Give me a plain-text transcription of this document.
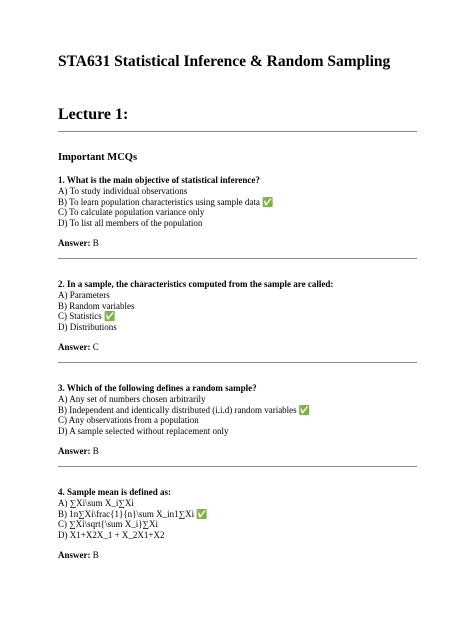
STA631 Statistical Inference & Random Sampling
Lecture 1:
Important MCQs

1. What is the main objective of statistical inference?

A) To study individual observations
B) To learn population characteristics using sample data ✅
C) To calculate population variance only
D) To list all members of the population
Answer: B

2. In a sample, the characteristics computed from the sample are called:

A) Parameters
B) Random variables
C) Statistics ✅
D) Distributions
Answer: C

3. Which of the following defines a random sample?

A) Any set of numbers chosen arbitrarily
B) Independent and identically distributed (i.i.d) random variables ✅
C) Any observations from a population
D) A sample selected without replacement only
Answer: B

4. Sample mean is defined as:

A) ∑Xi\sum X_i∑Xi
B) 1n∑Xi\frac{1}{n}\sum X_in1∑Xi ✅
C) ∑Xi\sqrt{\sum X_i}∑Xi
D) X1+X2X_1 + X_2X1+X2
Answer: B
